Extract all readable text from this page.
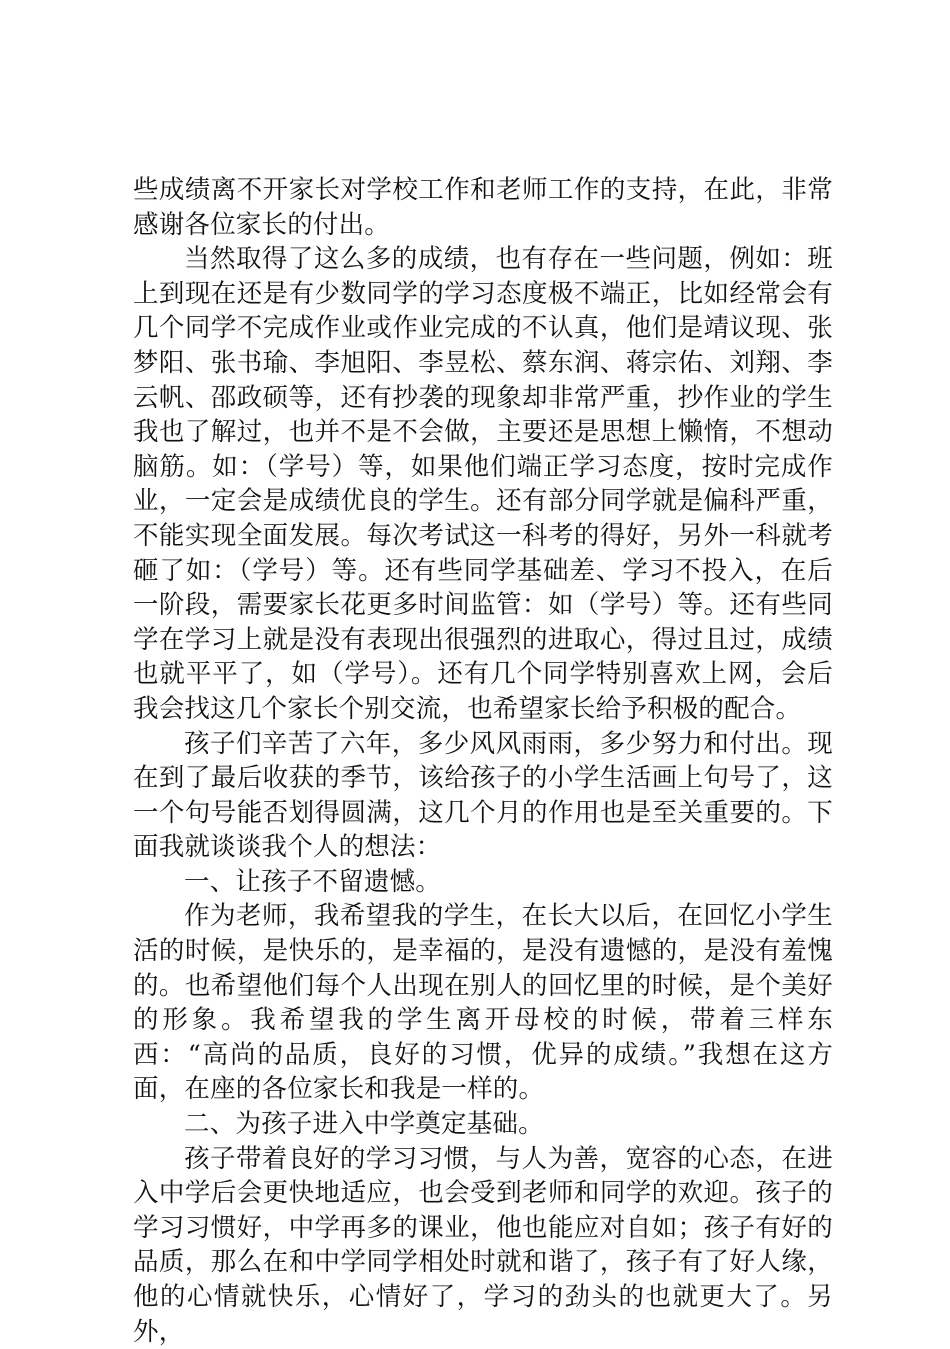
些成绩离不开家长对学校工作和老师工作的支持，在此，非常感谢各位家长的付出。

当然取得了这么多的成绩，也有存在一些问题，例如：班上到现在还是有少数同学的学习态度极不端正，比如经常会有几个同学不完成作业或作业完成的不认真，他们是靖议现、张梦阳、张书瑜、李旭阳、李昱松、蔡东润、蒋宗佑、刘翔、李云帆、邵政硕等，还有抄袭的现象却非常严重，抄作业的学生我也了解过，也并不是不会做，主要还是思想上懒惰，不想动脑筋。如：（学号）等，如果他们端正学习态度，按时完成作业，一定会是成绩优良的学生。还有部分同学就是偏科严重，不能实现全面发展。每次考试这一科考的得好，另外一科就考砸了如：（学号）等。还有些同学基础差、学习不投入，在后一阶段，需要家长花更多时间监管：如（学号）等。还有些同学在学习上就是没有表现出很强烈的进取心，得过且过，成绩也就平平了，如（学号）。还有几个同学特别喜欢上网，会后我会找这几个家长个别交流，也希望家长给予积极的配合。

孩子们辛苦了六年，多少风风雨雨，多少努力和付出。现在到了最后收获的季节，该给孩子的小学生活画上句号了，这一个句号能否划得圆满，这几个月的作用也是至关重要的。下面我就谈谈我个人的想法：

一、让孩子不留遗憾。

作为老师，我希望我的学生，在长大以后，在回忆小学生活的时候，是快乐的，是幸福的，是没有遗憾的，是没有羞愧的。也希望他们每个人出现在别人的回忆里的时候，是个美好的形象。我希望我的学生离开母校的时候，带着三样东西：“高尚的品质，良好的习惯，优异的成绩。”我想在这方面，在座的各位家长和我是一样的。

二、为孩子进入中学奠定基础。

孩子带着良好的学习习惯，与人为善，宽容的心态，在进入中学后会更快地适应，也会受到老师和同学的欢迎。孩子的学习习惯好，中学再多的课业，他也能应对自如；孩子有好的品质，那么在和中学同学相处时就和谐了，孩子有了好人缘，他的心情就快乐，心情好了，学习的劲头的也就更大了。另外，
